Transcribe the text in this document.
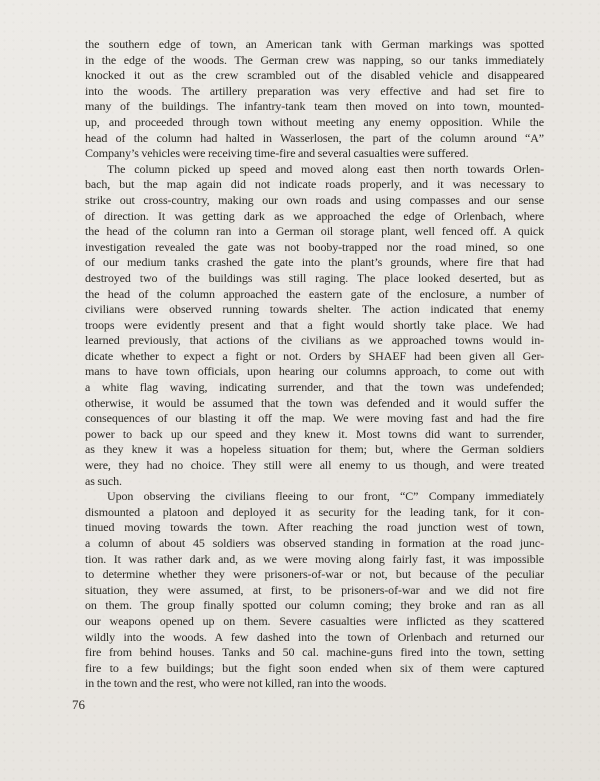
the southern edge of town, an American tank with German markings was spotted
in the edge of the woods. The German crew was napping, so our tanks immediately
knocked it out as the crew scrambled out of the disabled vehicle and disappeared
into the woods. The artillery preparation was very effective and had set fire to
many of the buildings. The infantry-tank team then moved on into town, mounted-
up, and proceeded through town without meeting any enemy opposition. While the
head of the column had halted in Wasserlosen, the part of the column around “A”
Company’s vehicles were receiving time-fire and several casualties were suffered.
The column picked up speed and moved along east then north towards Orlen-
bach, but the map again did not indicate roads properly, and it was necessary to
strike out cross-country, making our own roads and using compasses and our sense
of direction. It was getting dark as we approached the edge of Orlenbach, where
the head of the column ran into a German oil storage plant, well fenced off. A quick
investigation revealed the gate was not booby-trapped nor the road mined, so one
of our medium tanks crashed the gate into the plant’s grounds, where fire that had
destroyed two of the buildings was still raging. The place looked deserted, but as
the head of the column approached the eastern gate of the enclosure, a number of
civilians were observed running towards shelter. The action indicated that enemy
troops were evidently present and that a fight would shortly take place. We had
learned previously, that actions of the civilians as we approached towns would in-
dicate whether to expect a fight or not. Orders by SHAEF had been given all Ger-
mans to have town officials, upon hearing our columns approach, to come out with
a white flag waving, indicating surrender, and that the town was undefended;
otherwise, it would be assumed that the town was defended and it would suffer the
consequences of our blasting it off the map. We were moving fast and had the fire
power to back up our speed and they knew it. Most towns did want to surrender,
as they knew it was a hopeless situation for them; but, where the German soldiers
were, they had no choice. They still were all enemy to us though, and were treated
as such.
Upon observing the civilians fleeing to our front, “C” Company immediately
dismounted a platoon and deployed it as security for the leading tank, for it con-
tinued moving towards the town. After reaching the road junction west of town,
a column of about 45 soldiers was observed standing in formation at the road junc-
tion. It was rather dark and, as we were moving along fairly fast, it was impossible
to determine whether they were prisoners-of-war or not, but because of the peculiar
situation, they were assumed, at first, to be prisoners-of-war and we did not fire
on them. The group finally spotted our column coming; they broke and ran as all
our weapons opened up on them. Severe casualties were inflicted as they scattered
wildly into the woods. A few dashed into the town of Orlenbach and returned our
fire from behind houses. Tanks and 50 cal. machine-guns fired into the town, setting
fire to a few buildings; but the fight soon ended when six of them were captured
in the town and the rest, who were not killed, ran into the woods.
76
